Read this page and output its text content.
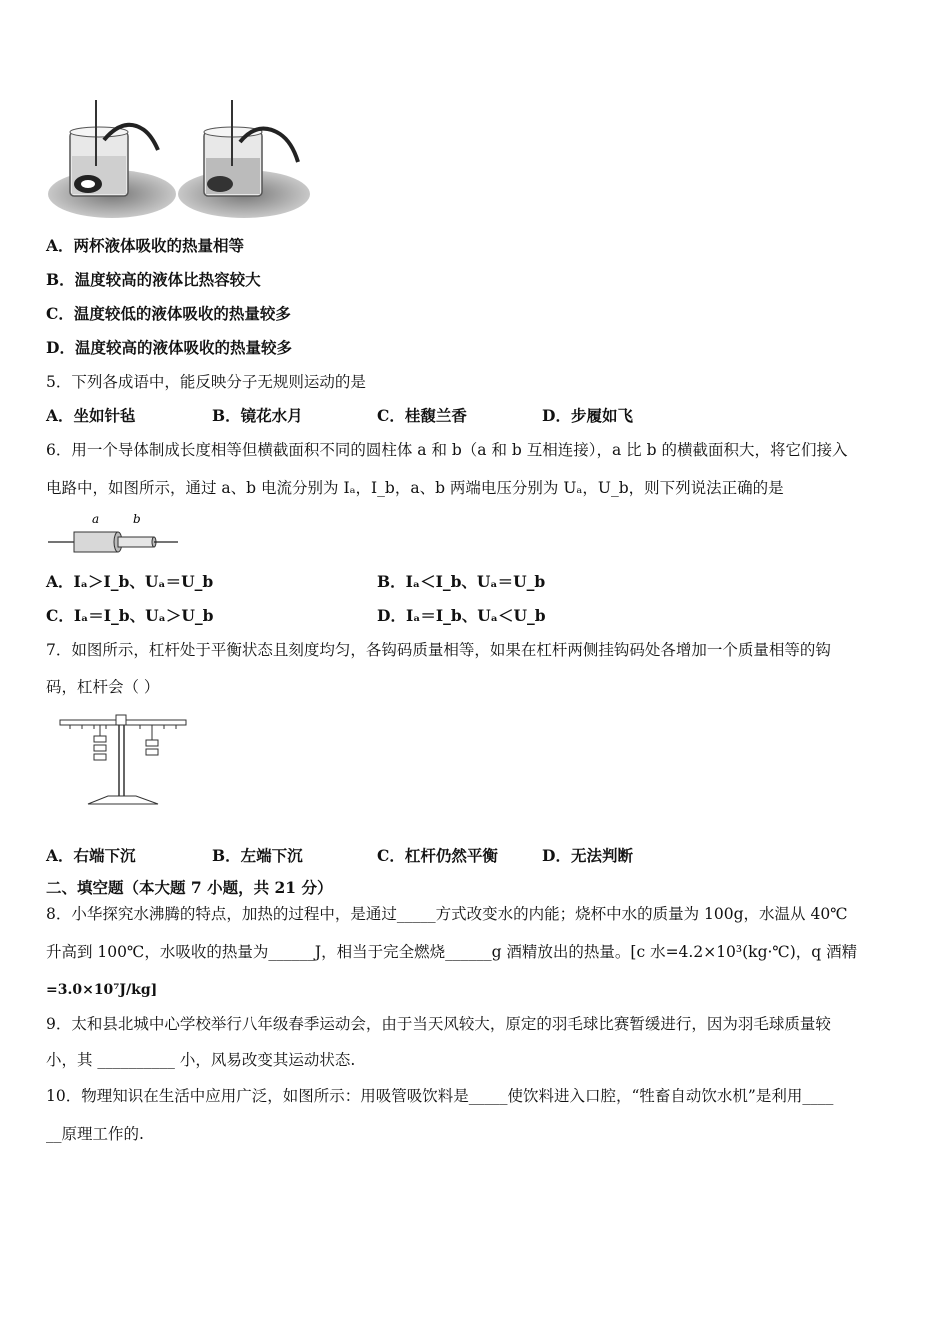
A．两杯液体吸收的热量相等
B．温度较高的液体比热容较大
C．温度较低的液体吸收的热量较多
D．温度较高的液体吸收的热量较多
5．下列各成语中，能反映分子无规则运动的是
A．坐如针毡	B．镜花水月	C．桂馥兰香	D．步履如飞
6．用一个导体制成长度相等但横截面积不同的圆柱体 a 和 b（a 和 b 互相连接），a 比 b 的横截面积大，将它们接入
电路中，如图所示，通过 a、b 电流分别为 Iₐ，I_b，a、b 两端电压分别为 Uₐ，U_b，则下列说法正确的是
a	b
A．Iₐ＞I_b、Uₐ＝U_b	B．Iₐ＜I_b、Uₐ＝U_b
C．Iₐ＝I_b、Uₐ＞U_b	D．Iₐ＝I_b、Uₐ＜U_b
7．如图所示，杠杆处于平衡状态且刻度均匀，各钩码质量相等，如果在杠杆两侧挂钩码处各增加一个质量相等的钩
码，杠杆会（ ）
A．右端下沉	B．左端下沉	C．杠杆仍然平衡	D．无法判断
二、填空题（本大题 7 小题，共 21 分）
8．小华探究水沸腾的特点，加热的过程中，是通过_____方式改变水的内能；烧杯中水的质量为 100g，水温从 40℃
升高到 100℃，水吸收的热量为______J，相当于完全燃烧______g 酒精放出的热量。[c 水=4.2×10³(kg·℃)，q 酒精
=3.0×10⁷J/kg]
9．太和县北城中心学校举行八年级春季运动会，由于当天风较大，原定的羽毛球比赛暂缓进行，因为羽毛球质量较
小，其 __________ 小，风易改变其运动状态.
10．物理知识在生活中应用广泛，如图所示：用吸管吸饮料是_____使饮料进入口腔，“牲畜自动饮水机”是利用____
__原理工作的.
